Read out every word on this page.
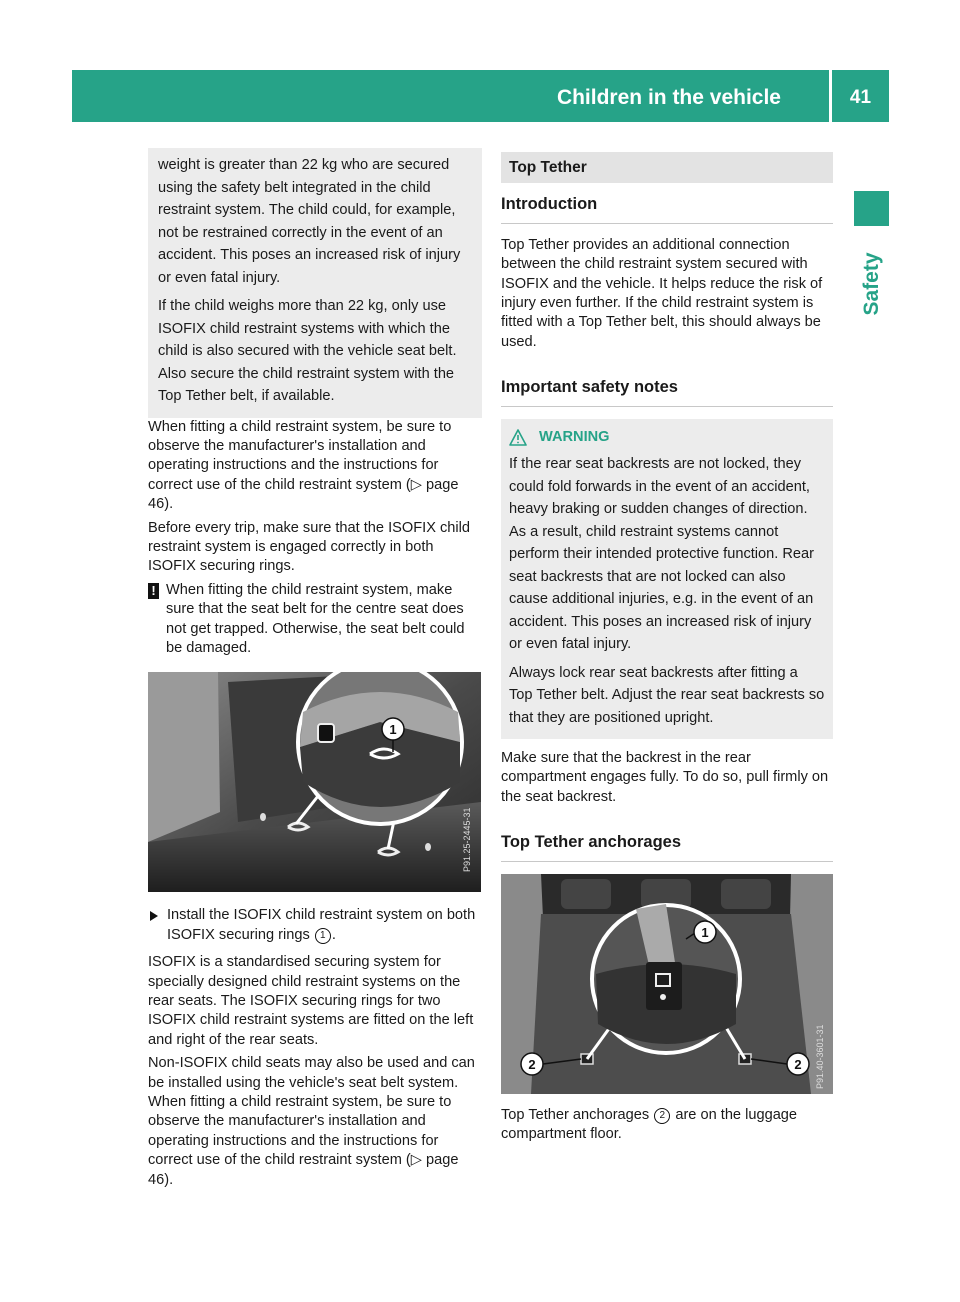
Children in the vehicle	41
Safety

weight is greater than 22 kg who are secured using the safety belt integrated in the child restraint system. The child could, for example, not be restrained correctly in the event of an accident. This poses an increased risk of injury or even fatal injury.

If the child weighs more than 22 kg, only use ISOFIX child restraint systems with which the child is also secured with the vehicle seat belt. Also secure the child restraint system with the Top Tether belt, if available.

When fitting a child restraint system, be sure to observe the manufacturer's installation and operating instructions and the instructions for correct use of the child restraint system (▷ page 46).

Before every trip, make sure that the ISOFIX child restraint system is engaged correctly in both ISOFIX securing rings.

! When fitting the child restraint system, make sure that the seat belt for the centre seat does not get trapped. Otherwise, the seat belt could be damaged.
1
P91.25-2445-31
Install the ISOFIX child restraint system on both ISOFIX securing rings 1 .

ISOFIX is a standardised securing system for specially designed child restraint systems on the rear seats. The ISOFIX securing rings for two ISOFIX child restraint systems are fitted on the left and right of the rear seats.

Non-ISOFIX child seats may also be used and can be installed using the vehicle's seat belt system. When fitting a child restraint system, be sure to observe the manufacturer's installation and operating instructions and the instructions for correct use of the child restraint system (▷ page 46).

Top Tether
Introduction

Top Tether provides an additional connection between the child restraint system secured with ISOFIX and the vehicle. It helps reduce the risk of injury even further. If the child restraint system is fitted with a Top Tether belt, this should always be used.

Important safety notes
WARNING

If the rear seat backrests are not locked, they could fold forwards in the event of an accident, heavy braking or sudden changes of direction. As a result, child restraint systems cannot perform their intended protective function. Rear seat backrests that are not locked can also cause additional injuries, e.g. in the event of an accident. This poses an increased risk of injury or even fatal injury.

Always lock rear seat backrests after fitting a Top Tether belt. Adjust the rear seat backrests so that they are positioned upright.

Make sure that the backrest in the rear compartment engages fully. To do so, pull firmly on the seat backrest.

Top Tether anchorages
1
2	2 P91.40-3601-31

Top Tether anchorages 2 are on the luggage compartment floor.
